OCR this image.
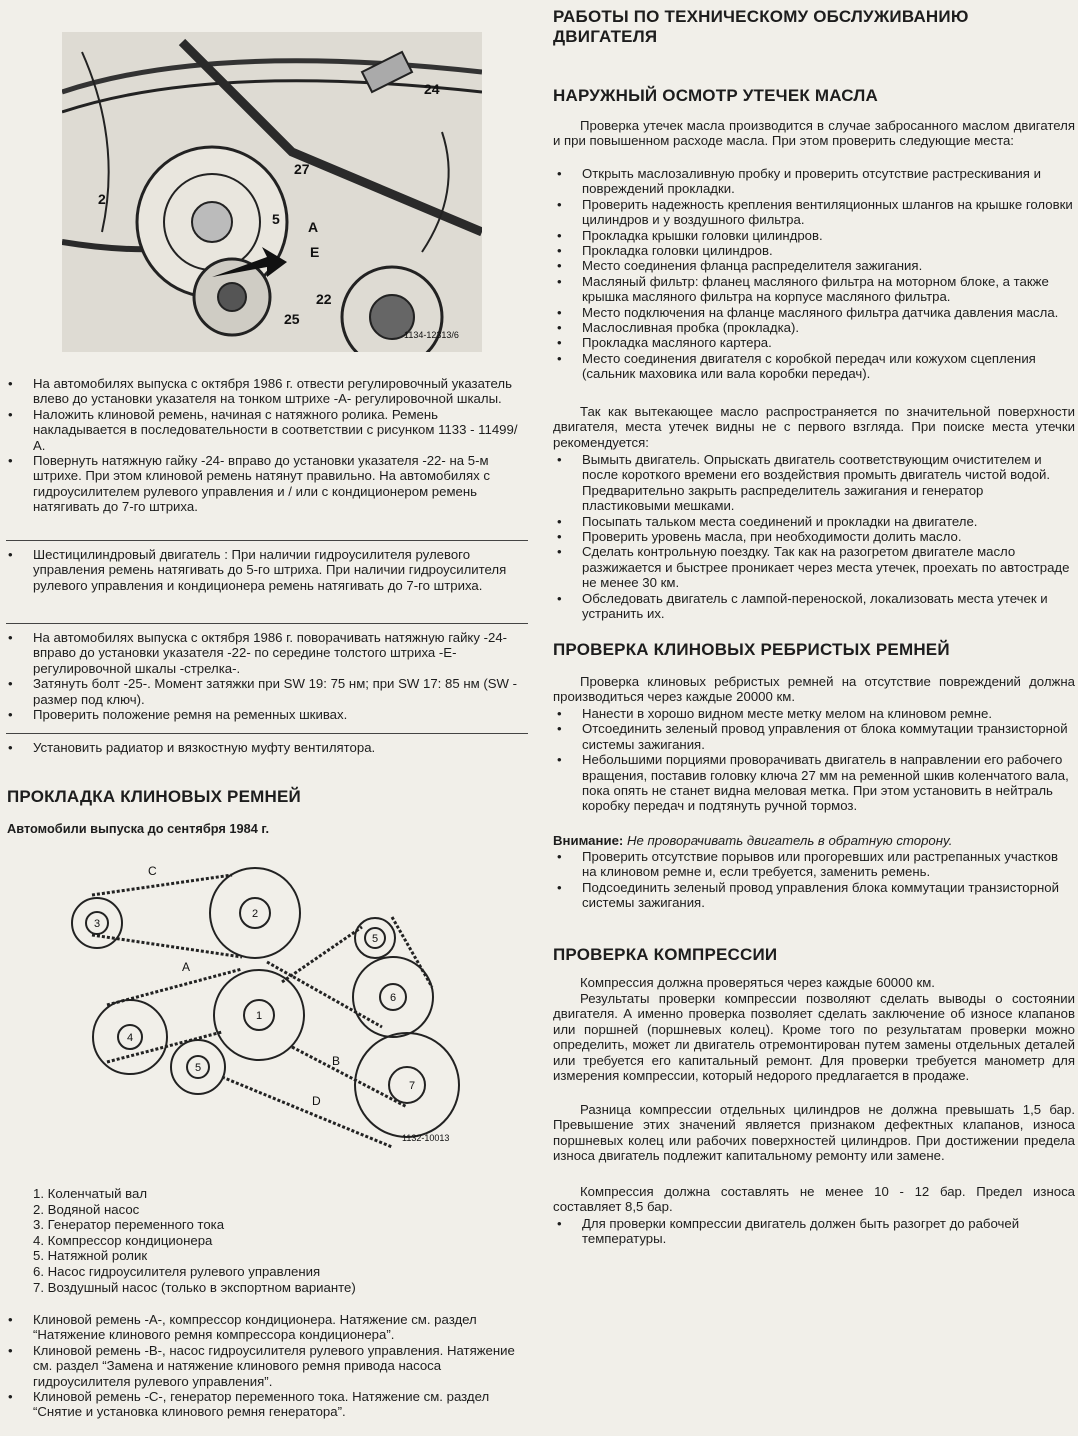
24
27
2
5 A
E
22
25
1134-12313/6
• На автомобилях выпуска с октября 1986 г. отвести регулировочный указатель влево до установки указателя на тонком штрихе -А- регулировочной шкалы.
• Наложить клиновой ремень, начиная с натяжного ролика. Ремень накладывается в последовательности в соответствии с рисунком 1133 - 11499/А.
• Повернуть натяжную гайку -24- вправо до установки указателя -22- на 5-м штрихе. При этом клиновой ремень натянут правильно. На автомобилях с гидроусилителем рулевого управления и / или с кондиционером ремень натягивать до 7-го штриха.
• Шестицилиндровый двигатель : При наличии гидроусилителя рулевого управления ремень натягивать до 5-го штриха. При наличии гидроусилителя рулевого управления и кондиционера ремень натягивать до 7-го штриха.
• На автомобилях выпуска с октября 1986 г. поворачивать натяжную гайку -24- вправо до установки указателя -22- по середине толстого штриха -Е- регулировочной шкалы -стрелка-.
• Затянуть болт -25-. Момент затяжки при SW 19: 75 нм; при SW 17: 85 нм (SW - размер под ключ).
• Проверить положение ремня на ременных шкивах.
• Установить радиатор и вязкостную муфту вентилятора.
ПРОКЛАДКА КЛИНОВЫХ РЕМНЕЙ
Автомобили выпуска до сентября 1984 г.
1
2
3
4
5
5
6
7
C
A
B
D
1132-10013
1. Коленчатый вал
2. Водяной насос
3. Генератор переменного тока
4. Компрессор кондиционера
5. Натяжной ролик
6. Насос гидроусилителя рулевого управления
7. Воздушный насос (только в экспортном варианте)
• Клиновой ремень -А-, компрессор кондиционера. Натяжение см. раздел “Натяжение клинового ремня компрессора кондиционера”.
• Клиновой ремень -В-, насос гидроусилителя рулевого управления. Натяжение см. раздел “Замена и натяжение клинового ремня привода насоса гидроусилителя рулевого управления”.
• Клиновой ремень -С-, генератор переменного тока. Натяжение см. раздел “Снятие и установка клинового ремня генератора”.
РАБОТЫ ПО ТЕХНИЧЕСКОМУ ОБСЛУЖИВАНИЮ ДВИГАТЕЛЯ
НАРУЖНЫЙ ОСМОТР УТЕЧЕК МАСЛА

Проверка утечек масла производится в случае забросанного маслом двигателя и при повышенном расходе масла. При этом проверить следующие места:

• Открыть маслозаливную пробку и проверить отсутствие растрескивания и повреждений прокладки.
• Проверить надежность крепления вентиляционных шлангов на крышке головки цилиндров и у воздушного фильтра.
• Прокладка крышки головки цилиндров.
• Прокладка головки цилиндров.
• Место соединения фланца распределителя зажигания.
• Масляный фильтр: фланец масляного фильтра на моторном блоке, а также крышка масляного фильтра на корпусе масляного фильтра.
• Место подключения на фланце масляного фильтра датчика давления масла.
• Маслосливная пробка (прокладка).
• Прокладка масляного картера.
• Место соединения двигателя с коробкой передач или кожухом сцепления (сальник маховика или вала коробки передач).

Так как вытекающее масло распространяется по значительной поверхности двигателя, места утечек видны не с первого взгляда. При поиске места утечки рекомендуется:

• Вымыть двигатель. Опрыскать двигатель соответствующим очистителем и после короткого времени его воздействия промыть двигатель чистой водой. Предварительно закрыть распределитель зажигания и генератор пластиковыми мешками.
• Посыпать тальком места соединений и прокладки на двигателе.
• Проверить уровень масла, при необходимости долить масло.
• Сделать контрольную поездку. Так как на разогретом двигателе масло разжижается и быстрее проникает через места утечек, проехать по автостраде не менее 30 км.
• Обследовать двигатель с лампой-переноской, локализовать места утечек и устранить их.
ПРОВЕРКА КЛИНОВЫХ РЕБРИСТЫХ РЕМНЕЙ

Проверка клиновых ребристых ремней на отсутствие повреждений должна производиться через каждые 20000 км.

• Нанести в хорошо видном месте метку мелом на клиновом ремне.
• Отсоединить зеленый провод управления от блока коммутации транзисторной системы зажигания.
• Небольшими порциями проворачивать двигатель в направлении его рабочего вращения, поставив головку ключа 27 мм на ременной шкив коленчатого вала, пока опять не станет видна меловая метка. При этом установить в нейтраль коробку передач и подтянуть ручной тормоз.

Внимание: Не проворачивать двигатель в обратную сторону.

• Проверить отсутствие порывов или прогоревших или растрепанных участков на клиновом ремне и, если требуется, заменить ремень.
• Подсоединить зеленый провод управления блока коммутации транзисторной системы зажигания.
ПРОВЕРКА КОМПРЕССИИ

Компрессия должна проверяться через каждые 60000 км.

Результаты проверки компрессии позволяют сделать выводы о состоянии двигателя. А именно проверка позволяет сделать заключение об износе клапанов или поршней (поршневых колец). Кроме того по результатам проверки можно определить, может ли двигатель отремонтирован путем замены отдельных деталей или требуется его капитальный ремонт. Для проверки требуется манометр для измерения компрессии, который недорого предлагается в продаже.

Разница компрессии отдельных цилиндров не должна превышать 1,5 бар. Превышение этих значений является признаком дефектных клапанов, износа поршневых колец или рабочих поверхностей цилиндров. При достижении предела износа двигатель подлежит капитальному ремонту или замене.

Компрессия должна составлять не менее 10 - 12 бар. Предел износа составляет 8,5 бар.

• Для проверки компрессии двигатель должен быть разогрет до рабочей температуры.
